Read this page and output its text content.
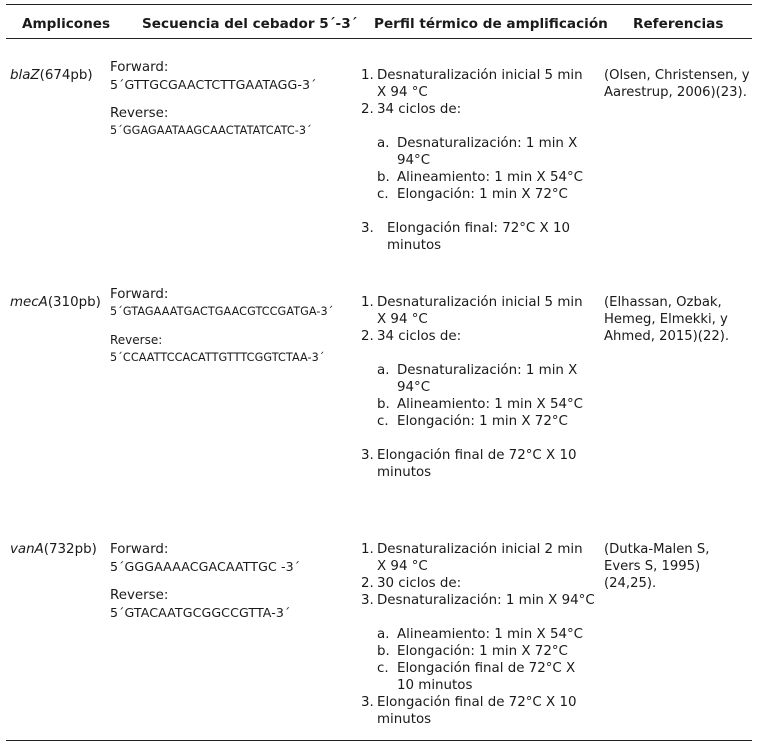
Amplicones Secuencia del cebador 5´-3´ Perfil térmico de amplificación Referencias
blaZ(674pb)
Forward:
5´GTTGCGAACTCTTGAATAGG-3´
Reverse:
5´GGAGAATAAGCAACTATATCATC-3´
1. Desnaturalización inicial 5 min
X 94 °C
2. 34 ciclos de:
a. Desnaturalización: 1 min X
94°C
b. Alineamiento: 1 min X 54°C
c. Elongación: 1 min X 72°C
3. Elongación final: 72°C X 10
minutos
(Olsen, Christensen, y
Aarestrup, 2006)(23).
mecA(310pb)
Forward:
5´GTAGAAATGACTGAACGTCCGATGA-3´
Reverse:
5´CCAATTCCACATTGTTTCGGTCTAA-3´
1. Desnaturalización inicial 5 min
X 94 °C
2. 34 ciclos de:
a. Desnaturalización: 1 min X
94°C
b. Alineamiento: 1 min X 54°C
c. Elongación: 1 min X 72°C
3. Elongación final de 72°C X 10
minutos
(Elhassan, Ozbak,
Hemeg, Elmekki, y
Ahmed, 2015)(22).
vanA(732pb) Forward:
5´GGGAAAACGACAATTGC -3´
Reverse:
5´GTACAATGCGGCCGTTA-3´
1. Desnaturalización inicial 2 min
X 94 °C
2. 30 ciclos de:
3. Desnaturalización: 1 min X 94°C
a. Alineamiento: 1 min X 54°C
b. Elongación: 1 min X 72°C
c. Elongación final de 72°C X
10 minutos
3. Elongación final de 72°C X 10
minutos
(Dutka-Malen S,
Evers S, 1995)(24,25).
